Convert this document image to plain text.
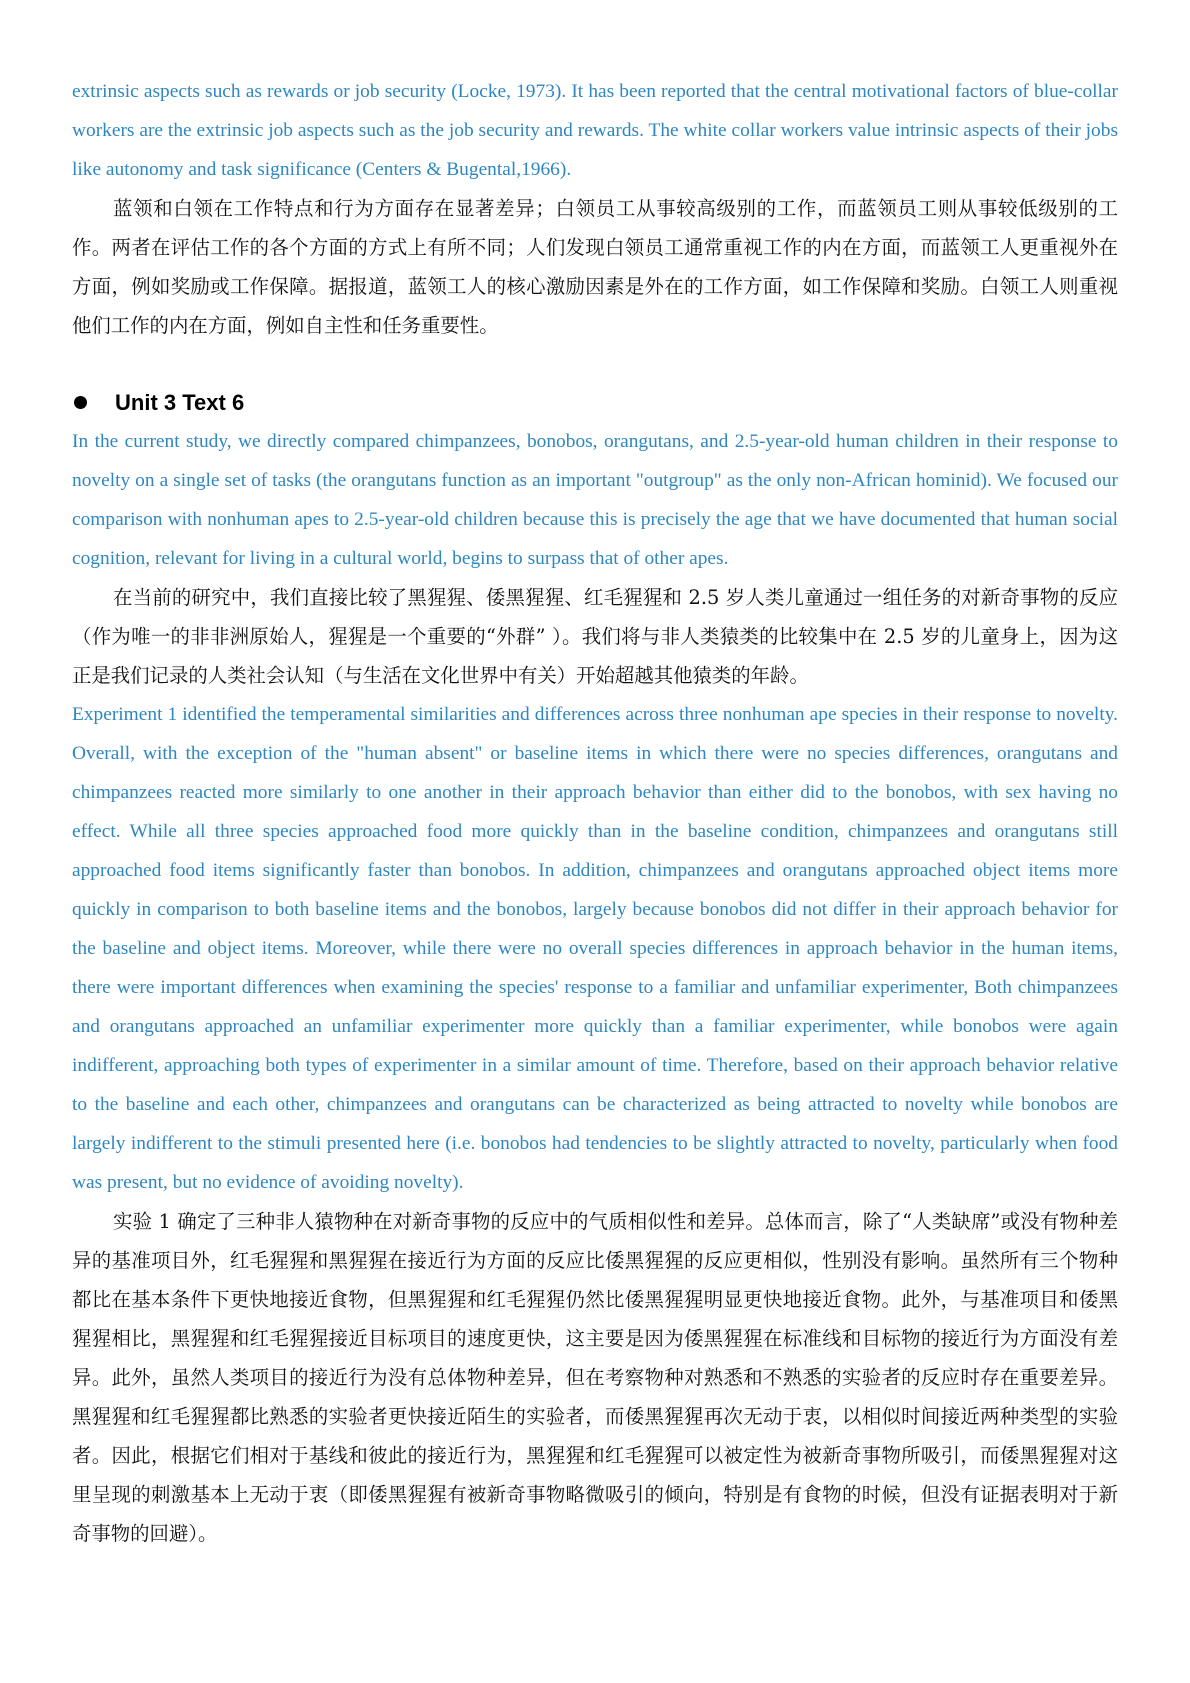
extrinsic aspects such as rewards or job security (Locke, 1973). It has been reported that the central motivational factors of blue-collar workers are the extrinsic job aspects such as the job security and rewards. The white collar workers value intrinsic aspects of their jobs like autonomy and task significance (Centers & Bugental,1966).

蓝领和白领在工作特点和行为方面存在显著差异；白领员工从事较高级别的工作，而蓝领员工则从事较低级别的工作。两者在评估工作的各个方面的方式上有所不同；人们发现白领员工通常重视工作的内在方面，而蓝领工人更重视外在方面，例如奖励或工作保障。据报道，蓝领工人的核心激励因素是外在的工作方面，如工作保障和奖励。白领工人则重视他们工作的内在方面，例如自主性和任务重要性。

Unit 3 Text 6

In the current study, we directly compared chimpanzees, bonobos, orangutans, and 2.5-year-old human children in their response to novelty on a single set of tasks (the orangutans function as an important "outgroup" as the only non-African hominid). We focused our comparison with nonhuman apes to 2.5-year-old children because this is precisely the age that we have documented that human social cognition, relevant for living in a cultural world, begins to surpass that of other apes.

在当前的研究中，我们直接比较了黑猩猩、倭黑猩猩、红毛猩猩和 2.5 岁人类儿童通过一组任务的对新奇事物的反应（作为唯一的非非洲原始人，猩猩是一个重要的“外群” ）。我们将与非人类猿类的比较集中在 2.5 岁的儿童身上，因为这正是我们记录的人类社会认知（与生活在文化世界中有关）开始超越其他猿类的年龄。

Experiment 1 identified the temperamental similarities and differences across three nonhuman ape species in their response to novelty. Overall, with the exception of the "human absent" or baseline items in which there were no species differences, orangutans and chimpanzees reacted more similarly to one another in their approach behavior than either did to the bonobos, with sex having no effect. While all three species approached food more quickly than in the baseline condition, chimpanzees and orangutans still approached food items significantly faster than bonobos. In addition, chimpanzees and orangutans approached object items more quickly in comparison to both baseline items and the bonobos, largely because bonobos did not differ in their approach behavior for the baseline and object items. Moreover, while there were no overall species differences in approach behavior in the human items, there were important differences when examining the species' response to a familiar and unfamiliar experimenter, Both chimpanzees and orangutans approached an unfamiliar experimenter more quickly than a familiar experimenter, while bonobos were again indifferent, approaching both types of experimenter in a similar amount of time. Therefore, based on their approach behavior relative to the baseline and each other, chimpanzees and orangutans can be characterized as being attracted to novelty while bonobos are largely indifferent to the stimuli presented here (i.e. bonobos had tendencies to be slightly attracted to novelty, particularly when food was present, but no evidence of avoiding novelty).

实验 1 确定了三种非人猿物种在对新奇事物的反应中的气质相似性和差异。总体而言，除了“人类缺席”或没有物种差异的基准项目外，红毛猩猩和黑猩猩在接近行为方面的反应比倭黑猩猩的反应更相似，性别没有影响。虽然所有三个物种都比在基本条件下更快地接近食物，但黑猩猩和红毛猩猩仍然比倭黑猩猩明显更快地接近食物。此外，与基准项目和倭黑猩猩相比，黑猩猩和红毛猩猩接近目标项目的速度更快，这主要是因为倭黑猩猩在标准线和目标物的接近行为方面没有差异。此外，虽然人类项目的接近行为没有总体物种差异，但在考察物种对熟悉和不熟悉的实验者的反应时存在重要差异。黑猩猩和红毛猩猩都比熟悉的实验者更快接近陌生的实验者，而倭黑猩猩再次无动于衷，以相似时间接近两种类型的实验者。因此，根据它们相对于基线和彼此的接近行为，黑猩猩和红毛猩猩可以被定性为被新奇事物所吸引，而倭黑猩猩对这里呈现的刺激基本上无动于衷（即倭黑猩猩有被新奇事物略微吸引的倾向，特别是有食物的时候，但没有证据表明对于新奇事物的回避）。
